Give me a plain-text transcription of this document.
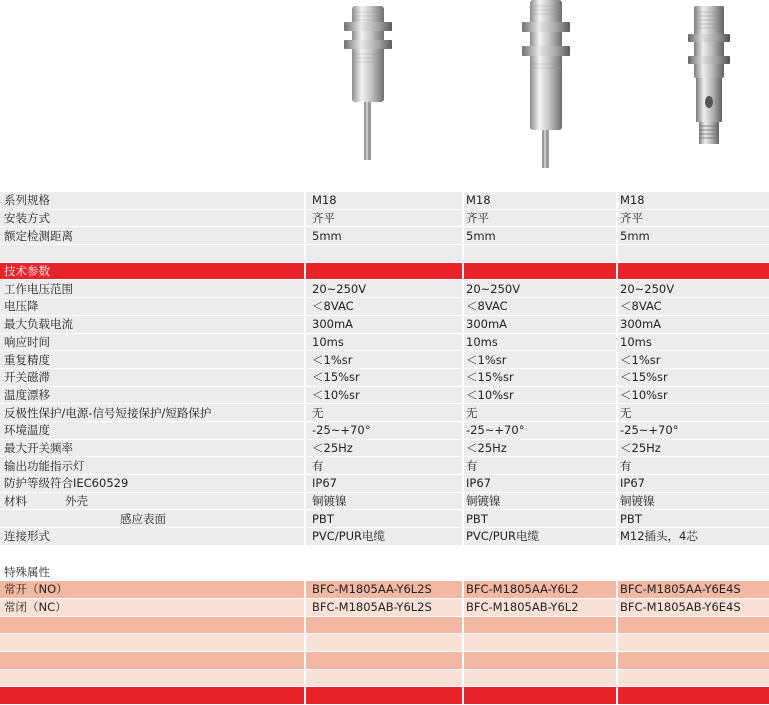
系列规格	M18	M18	M18
安装方式	齐平	齐平	齐平
额定检测距离	5mm	5mm	5mm

技术参数			
工作电压范围	20~250V	20~250V	20~250V
电压降	＜8VAC	＜8VAC	＜8VAC
最大负载电流	300mA	300mA	300mA
响应时间	10ms	10ms	10ms
重复精度	＜1%sr	＜1%sr	＜1%sr
开关磁滞	＜15%sr	＜15%sr	＜15%sr
温度漂移	＜10%sr	＜10%sr	＜10%sr
反极性保护/电源-信号短接保护/短路保护	无	无	无
环境温度	-25~+70°	-25~+70°	-25~+70°
最大开关频率	＜25Hz	＜25Hz	＜25Hz
输出功能指示灯	有	有	有
防护等级符合IEC60529	IP67	IP67	IP67
材料 外壳	铜镀镍	铜镀镍	铜镀镍
感应表面	PBT	PBT	PBT
连接形式	PVC/PUR电缆	PVC/PUR电缆	M12插头，4芯

特殊属性			
常开（NO）	BFC-M1805AA-Y6L2S	BFC-M1805AA-Y6L2	BFC-M1805AA-Y6E4S
常闭（NC）	BFC-M1805AB-Y6L2S	BFC-M1805AB-Y6L2	BFC-M1805AB-Y6E4S
